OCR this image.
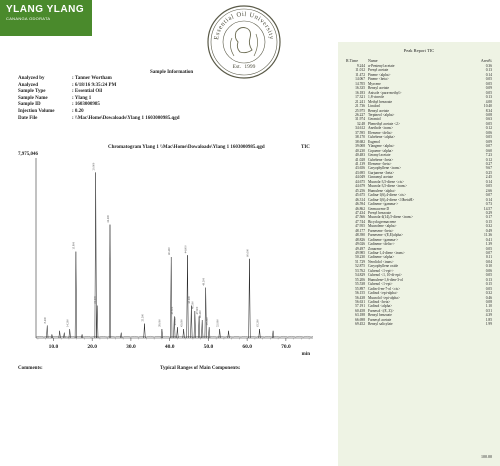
YLANG YLANG
CANANGA ODORATA
Essential Oil University
Est. 1999
Sample Information
Analyzed by	: Tanner Wortham
Analyzed	: 6/18/16 9:35:24 PM
Sample Type	: Essential Oil
Sample Name	: Ylang 1
Sample ID	: 1603000985
Injection Volume	: 0.20
Date File	: \\Mac\Home\Dowaloads\Ylang 1 1603000985.qgd
Chromatogram Ylang 1 \\Mac\Home\Dowaloads\Ylang 1 1603000985.qgd	TIC
7,975,046
10.0	20.0	30.0	40.0	50.0	60.0	70.0
min
8.400	14.200
15.800
20.900
21.300
24.600
33.500
38.000
40.400
41.200
42.000 43.600
44.600
45.600
46.500
47.600 48.400
49.300
50.200	52.900
60.600
63.200
Comments:	Typical Ranges of Main Components:
Peak Report TIC
R.Time	Name	Area%
9.244 α-Pentenyl acetate	0.36
11.012 Prenyl acetate	0.13
11.472 Pinene <alpha>	0.14
14.067 Pinene <beta>	0.05
14.705 Myrcene	0.05
16.335 Benzyl acetate	0.09
16.183 Anisole <para-methyl>	0.05
17.321 1,8-cineole	0.13
21.241 Methyl benzoate	4.00
21.736 Linalool	10.40
25.975 Benzyl acetate	8.34
26.227 Terpineol <alpha>	0.08
31.974 Geraniol	0.63
32.48 Phenethyl acetate <2>	0.05
34.612 Anethole <trans>	0.12
37.595 Elemene <delta>	0.06
38.170 Cubebene <alpha>	0.05
38.682 Eugenol	0.09
39.008 Ylangene <alpha>	0.07
40.230 Copaene <alpha>	0.60
40.483 Geranyl acetate	7.23
41.028 Cubebene <beta>	0.12
41.139 Elemene <beta>	0.27
43.656 Caryophyllene <trans>	9.67
43.695 Gurjunene <beta>	0.25
44.049 Cinnamyl acetate	2.45
44.675 Muurola-3,5-diene <cis>	0.14
44.679 Muurola-3,5-diene <trans>	0.05
45.256 Humulene <alpha>	2.66
45.675 Cadina-1(6),4-diene <cis>	0.07
46.314 Cadina-1(6),4-diene <10betaH>	0.14
46.594 Cadinene <gamma->	0.73
46.862 Germacrene D	14.57
47.434 Prenyl benzoate	0.29
47.566 Muurola-4(14),5-diene <trans>	0.17
47.744 Bicyclogermacrene	0.15
47.955 Muurolene <alpha>	0.32
48.177 Farnesene <beta>	0.49
48.390 Farnesene <(E,E)alpha>	11.36
48.826 Cadinene <gamma->	0.41
49.026 Cadinene <delta->	1.39
49.497 Zonarene	0.05
49.985 Cadina-1,4-diene <trans>	0.07
50.230 Cadinene <alpha>	0.11
51.729 Nerolidol <trans>	0.04
52.875 Caryophyllene oxide	0.10
53.762 Cubenol <1-epi->	0.06
54.829 Cubenol <1, 10-di-epi>	0.05
55.206 Humulene-1,6-dien-3-ol	0.13
55.538 Cubenol <1-epi>	0.15
55.897 Cadin-4-en-7-ol <cis>	0.05
56.155 Cadinol <epi-alpha>	0.32
56.438 Muurolol <epi-alpha>	0.46
56.631 Cadinol <beta>	0.08
57.191 Cadinol <alpha>	1.10
60.458 Farnesol <(E, Z)>	0.51
63.188 Benzyl benzoate	4.39
66.698 Farnesyl acetate	1.85
69.452 Benzyl salicylate	1.99
100.00
